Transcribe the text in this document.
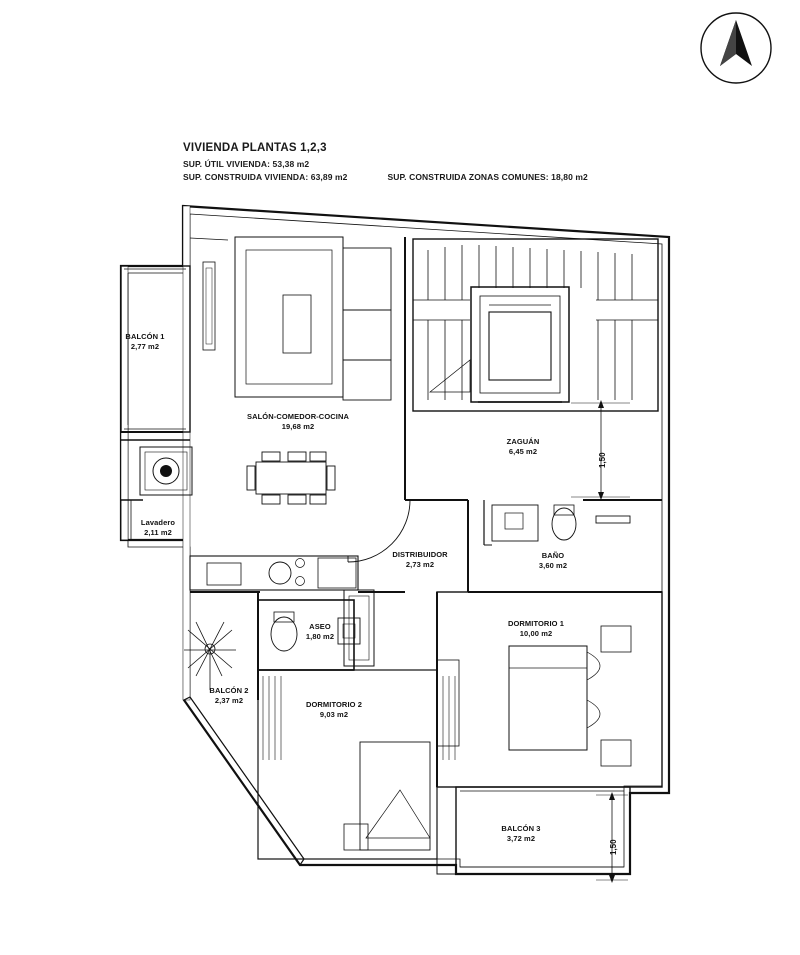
VIVIENDA PLANTAS 1,2,3

SUP. ÚTIL VIVIENDA: 53,38 m2

SUP. CONSTRUIDA VIVIENDA: 63,89 m2	SUP. CONSTRUIDA ZONAS COMUNES: 18,80 m2

BALCÓN 1
2,77 m2
SALÓN-COMEDOR-COCINA
19,68 m2
ZAGUÁN
6,45 m2
Lavadero
2,11 m2
DISTRIBUIDOR
2,73 m2
BAÑO
3,60 m2
ASEO
1,80 m2
DORMITORIO 1
10,00 m2
BALCÓN 2
2,37 m2	DORMITORIO 2
9,03 m2
BALCÓN 3
3,72 m2
1,50
1,50
